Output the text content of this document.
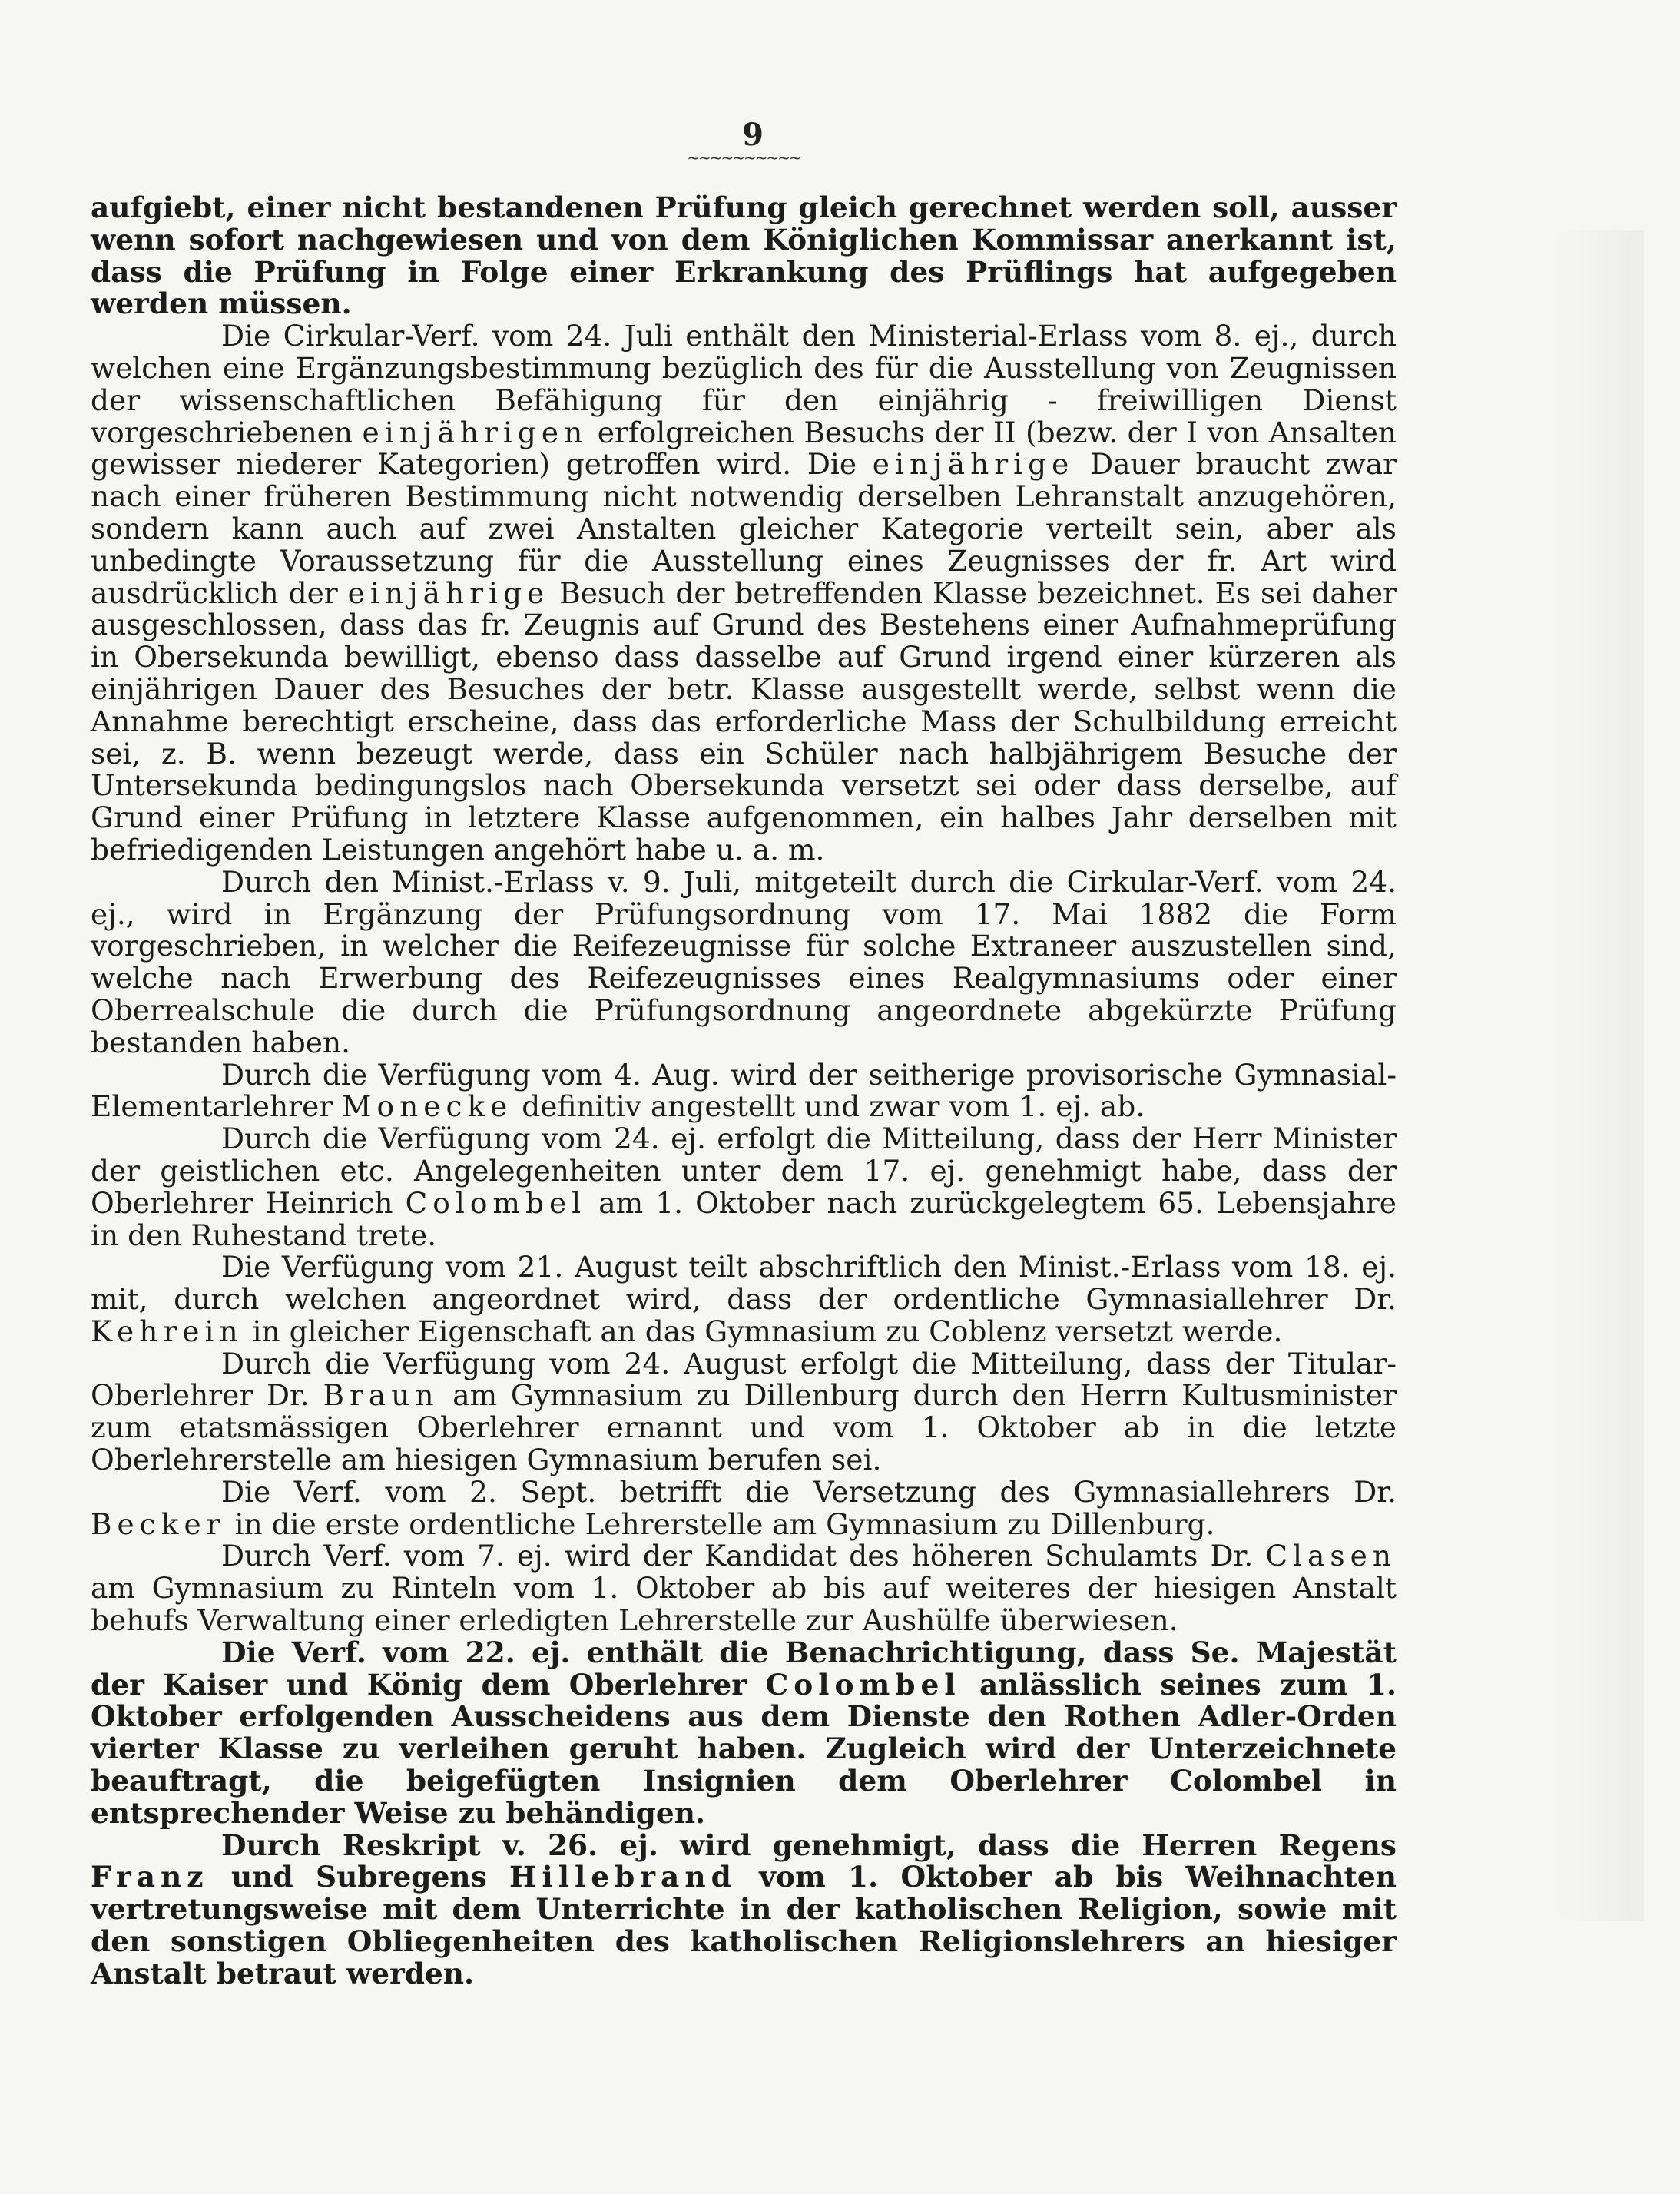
9
~~~~~~~~~~

aufgiebt, einer nicht bestandenen Prüfung gleich gerechnet werden soll, ausser wenn sofort nachgewiesen und von dem Königlichen Kommissar anerkannt ist, dass die Prüfung in Folge einer Erkrankung des Prüflings hat aufgegeben werden müssen.

Die Cirkular-Verf. vom 24. Juli enthält den Ministerial-Erlass vom 8. ej., durch welchen eine Ergänzungsbestimmung bezüglich des für die Ausstellung von Zeugnissen der wissenschaftlichen Befähigung für den einjährig - freiwilligen Dienst vorgeschriebenen einjährigen erfolgreichen Besuchs der II (bezw. der I von Ansalten gewisser niederer Kategorien) getroffen wird. Die einjährige Dauer braucht zwar nach einer früheren Bestimmung nicht notwendig derselben Lehranstalt anzugehören, sondern kann auch auf zwei Anstalten gleicher Kategorie verteilt sein, aber als unbedingte Voraussetzung für die Ausstellung eines Zeugnisses der fr. Art wird ausdrücklich der einjährige Besuch der betreffenden Klasse bezeichnet. Es sei daher ausgeschlossen, dass das fr. Zeugnis auf Grund des Bestehens einer Aufnahmeprüfung in Obersekunda bewilligt, ebenso dass dasselbe auf Grund irgend einer kürzeren als einjährigen Dauer des Besuches der betr. Klasse ausgestellt werde, selbst wenn die Annahme berechtigt erscheine, dass das erforderliche Mass der Schulbildung erreicht sei, z. B. wenn bezeugt werde, dass ein Schüler nach halbjährigem Besuche der Untersekunda bedingungslos nach Obersekunda versetzt sei oder dass derselbe, auf Grund einer Prüfung in letztere Klasse aufgenommen, ein halbes Jahr derselben mit befriedigenden Leistungen angehört habe u. a. m.

Durch den Minist.-Erlass v. 9. Juli, mitgeteilt durch die Cirkular-Verf. vom 24. ej., wird in Ergänzung der Prüfungsordnung vom 17. Mai 1882 die Form vorgeschrieben, in welcher die Reifezeugnisse für solche Extraneer auszustellen sind, welche nach Erwerbung des Reifezeugnisses eines Realgymnasiums oder einer Oberrealschule die durch die Prüfungsordnung angeordnete abgekürzte Prüfung bestanden haben.

Durch die Verfügung vom 4. Aug. wird der seitherige provisorische Gymnasial-Elementarlehrer Monecke definitiv angestellt und zwar vom 1. ej. ab.

Durch die Verfügung vom 24. ej. erfolgt die Mitteilung, dass der Herr Minister der geistlichen etc. Angelegenheiten unter dem 17. ej. genehmigt habe, dass der Oberlehrer Heinrich Colombel am 1. Oktober nach zurückgelegtem 65. Lebensjahre in den Ruhestand trete.

Die Verfügung vom 21. August teilt abschriftlich den Minist.-Erlass vom 18. ej. mit, durch welchen angeordnet wird, dass der ordentliche Gymnasiallehrer Dr. Kehrein in gleicher Eigenschaft an das Gymnasium zu Coblenz versetzt werde.

Durch die Verfügung vom 24. August erfolgt die Mitteilung, dass der Titular-Oberlehrer Dr. Braun am Gymnasium zu Dillenburg durch den Herrn Kultusminister zum etatsmässigen Oberlehrer ernannt und vom 1. Oktober ab in die letzte Oberlehrerstelle am hiesigen Gymnasium berufen sei.

Die Verf. vom 2. Sept. betrifft die Versetzung des Gymnasiallehrers Dr. Becker in die erste ordentliche Lehrerstelle am Gymnasium zu Dillenburg.

Durch Verf. vom 7. ej. wird der Kandidat des höheren Schulamts Dr. Clasen am Gymnasium zu Rinteln vom 1. Oktober ab bis auf weiteres der hiesigen Anstalt behufs Verwaltung einer erledigten Lehrerstelle zur Aushülfe überwiesen.

Die Verf. vom 22. ej. enthält die Benachrichtigung, dass Se. Majestät der Kaiser und König dem Oberlehrer Colombel anlässlich seines zum 1. Oktober erfolgenden Ausscheidens aus dem Dienste den Rothen Adler-Orden vierter Klasse zu verleihen geruht haben. Zugleich wird der Unterzeichnete beauftragt, die beigefügten Insignien dem Oberlehrer Colombel in entsprechender Weise zu behändigen.

Durch Reskript v. 26. ej. wird genehmigt, dass die Herren Regens Franz und Subregens Hillebrand vom 1. Oktober ab bis Weihnachten vertretungsweise mit dem Unterrichte in der katholischen Religion, sowie mit den sonstigen Obliegenheiten des katholischen Religionslehrers an hiesiger Anstalt betraut werden.
